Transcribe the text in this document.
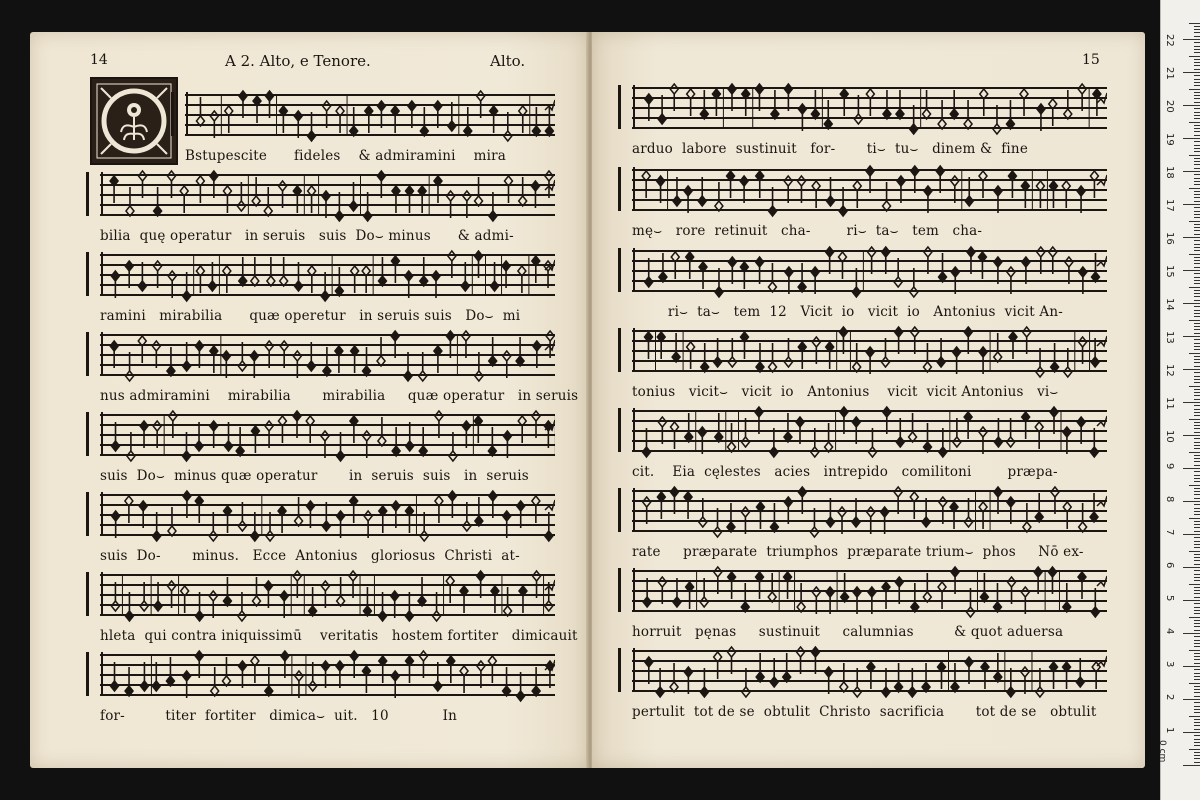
14	A 2. Alto, e Tenore.	Alto.
Bstupescite      fideles    & admiramini    mira
bilia  quę operatur   in seruis   suis  Do⌣ minus      & admi-
ramini   mirabilia      quæ operetur   in seruis suis   Do⌣  mi
nus admiramini    mirabilia       mirabilia     quæ operatur   in seruis
suis  Do⌣  minus quæ operatur       in  seruis  suis   in  seruis
suis  Do-       minus.   Ecce  Antonius   gloriosus  Christi  at-
hleta  qui contra iniquissimū    veritatis   hostem fortiter   dimicauit
for-         titer  fortiter   dimica⌣  uit.   10            In
15
arduo  labore  sustinuit   for-       ti⌣  tu⌣   dinem &  fine
mę⌣   rore  retinuit   cha-        ri⌣  ta⌣   tem   cha-
ri⌣  ta⌣   tem  12   Vicit  io   vicit  io   Antonius  vicit An-
tonius   vicit⌣   vicit  io   Antonius    vicit  vicit Antonius   vi⌣
cit.    Eia  cęlestes   acies   intrepido   comilitoni        præpa-
rate     præparate  triumphos  præparate trium⌣  phos     Nō ex-
horruit   pęnas     sustinuit     calumnias         & quot aduersa
pertulit  tot de se  obtulit  Christo  sacrificia       tot de se   obtulit
0 cm
1
2
3
4
5
6
7
8
9
10
11
12
13
14
15
16
17
18
19
20
21
22
